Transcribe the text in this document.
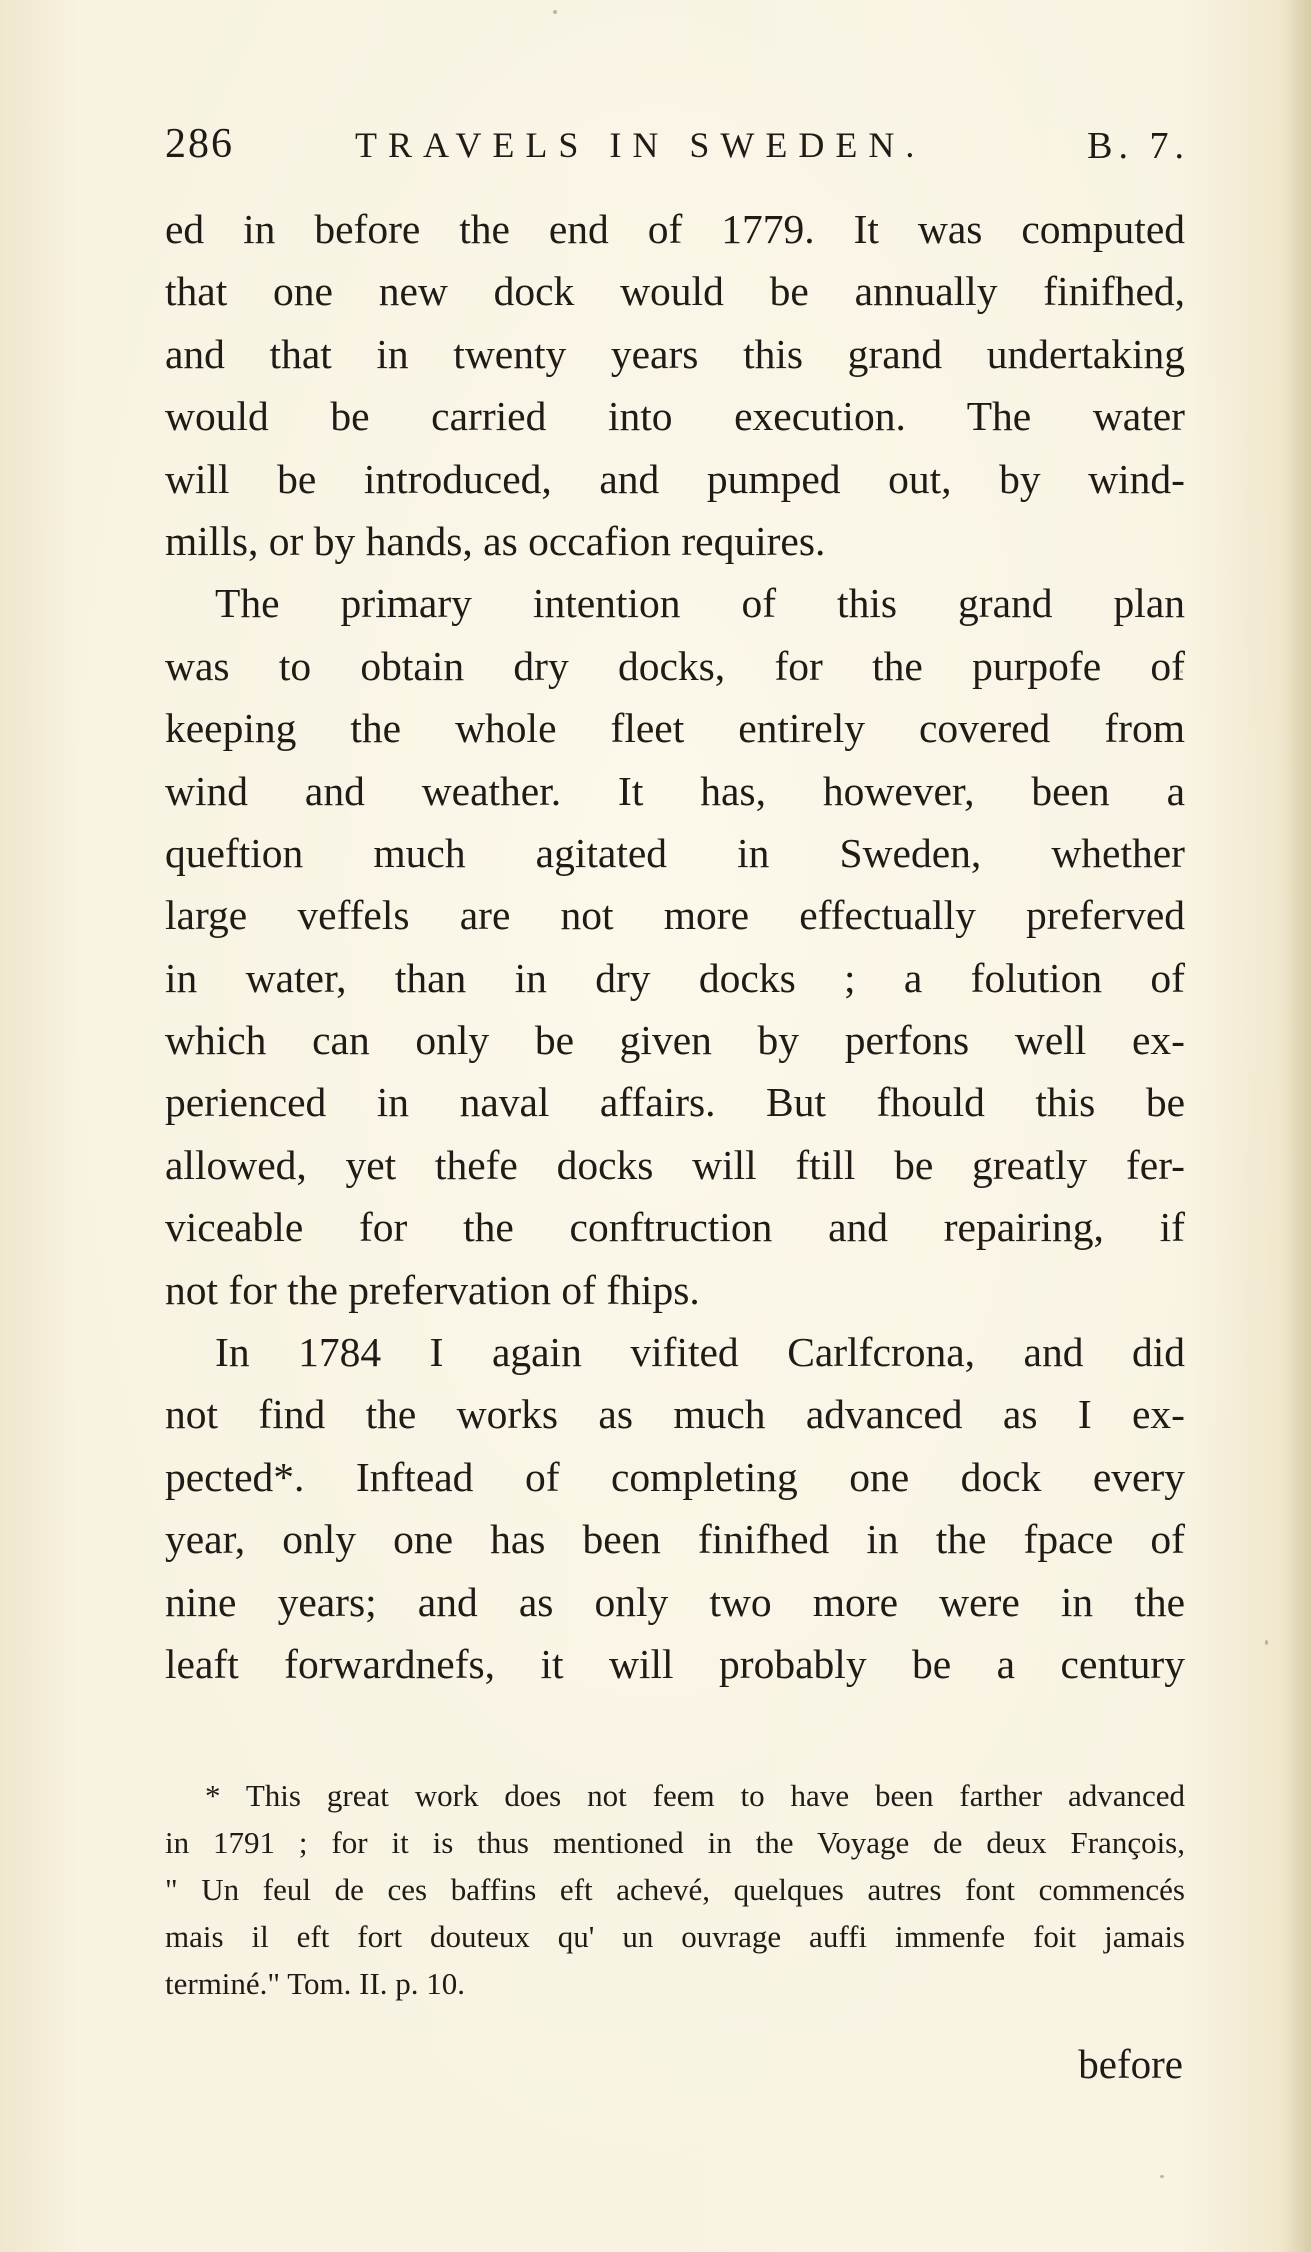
286	TRAVELS IN SWEDEN.	B. 7.
ed in before the end of 1779. It was computed
that one new dock would be annually finifhed,
and that in twenty years this grand undertaking
would be carried into execution. The water
will be introduced, and pumped out, by wind-
mills, or by hands, as occafion requires.
The primary intention of this grand plan
was to obtain dry docks, for the purpofe of
keeping the whole fleet entirely covered from
wind and weather. It has, however, been a
queftion much agitated in Sweden, whether
large veffels are not more effectually preferved
in water, than in dry docks ; a folution of
which can only be given by perfons well ex-
perienced in naval affairs. But fhould this be
allowed, yet thefe docks will ftill be greatly fer-
viceable for the conftruction and repairing, if
not for the prefervation of fhips.
In 1784 I again vifited Carlfcrona, and did
not find the works as much advanced as I ex-
pected*. Inftead of completing one dock every
year, only one has been finifhed in the fpace of
nine years; and as only two more were in the
leaft forwardnefs, it will probably be a century
* This great work does not feem to have been farther advanced
in 1791 ; for it is thus mentioned in the Voyage de deux François,
" Un feul de ces baffins eft achevé, quelques autres font commencés
mais il eft fort douteux qu' un ouvrage auffi immenfe foit jamais
terminé." Tom. II. p. 10.
before
